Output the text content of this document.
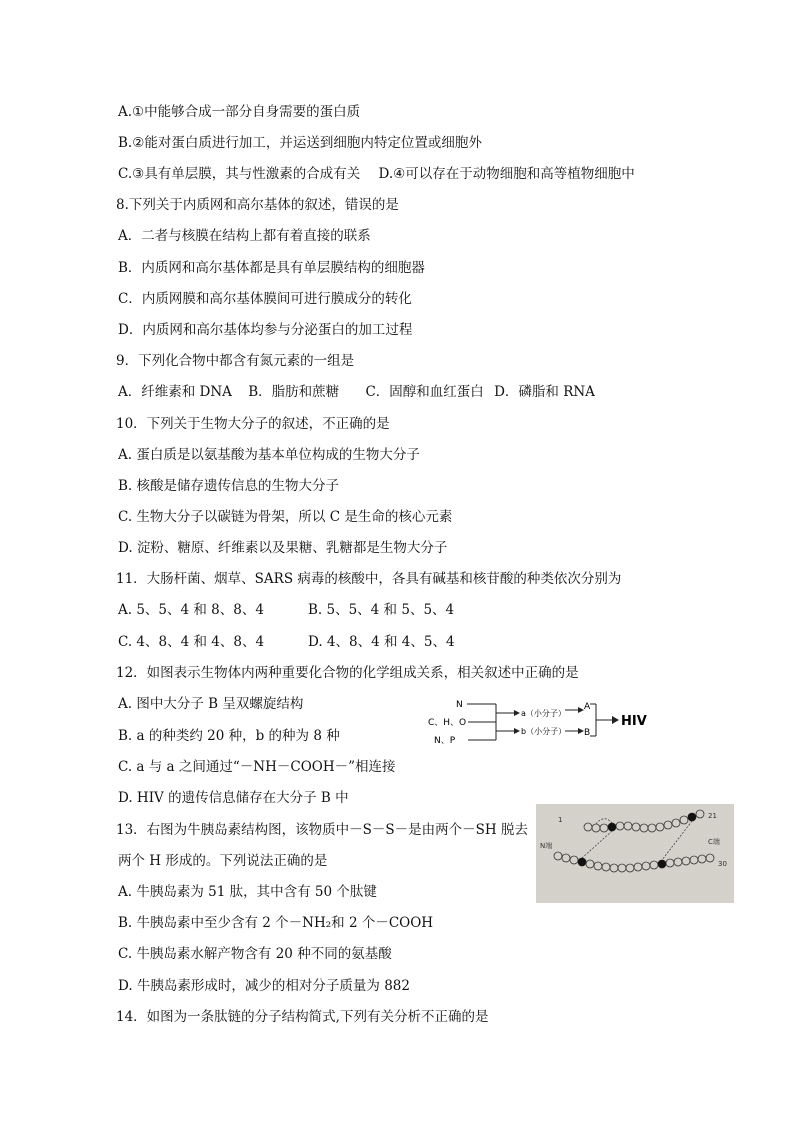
A.①中能够合成一部分自身需要的蛋白质
B.②能对蛋白质进行加工，并运送到细胞内特定位置或细胞外
C.③具有单层膜，其与性激素的合成有关 D.④可以存在于动物细胞和高等植物细胞中
8.下列关于内质网和高尔基体的叙述，错误的是
A．二者与核膜在结构上都有着直接的联系
B．内质网和高尔基体都是具有单层膜结构的细胞器
C．内质网膜和高尔基体膜间可进行膜成分的转化
D．内质网和高尔基体均参与分泌蛋白的加工过程
9．下列化合物中都含有氮元素的一组是
A．纤维素和 DNA B．脂肪和蔗糖 C．固醇和血红蛋白 D．磷脂和 RNA
10．下列关于生物大分子的叙述，不正确的是
A. 蛋白质是以氨基酸为基本单位构成的生物大分子
B. 核酸是储存遗传信息的生物大分子
C. 生物大分子以碳链为骨架，所以 C 是生命的核心元素
D. 淀粉、糖原、纤维素以及果糖、乳糖都是生物大分子
11．大肠杆菌、烟草、SARS 病毒的核酸中，各具有碱基和核苷酸的种类依次分别为
A. 5、5、4 和 8、8、4	B. 5、5、4 和 5、5、4
C. 4、8、4 和 4、8、4	D. 4、8、4 和 4、5、4
12．如图表示生物体内两种重要化合物的化学组成关系，相关叙述中正确的是
A. 图中大分子 B 呈双螺旋结构
B. a 的种类约 20 种，b 的种为 8 种
C. a 与 a 之间通过“－NH－COOH－”相连接
D. HIV 的遗传信息储存在大分子 B 中
N
C、H、O
N、P
a（小分子）
b（小分子）
A
B
HIV
13．右图为牛胰岛素结构图，该物质中－S－S－是由两个－SH 脱去
两个 H 形成的。下列说法正确的是
A. 牛胰岛素为 51 肽，其中含有 50 个肽键
B. 牛胰岛素中至少含有 2 个－NH₂和 2 个－COOH
C. 牛胰岛素水解产物含有 20 种不同的氨基酸
D. 牛胰岛素形成时，减少的相对分子质量为 882
1	21
30
N端	C端
14．如图为一条肽链的分子结构简式,下列有关分析不正确的是
